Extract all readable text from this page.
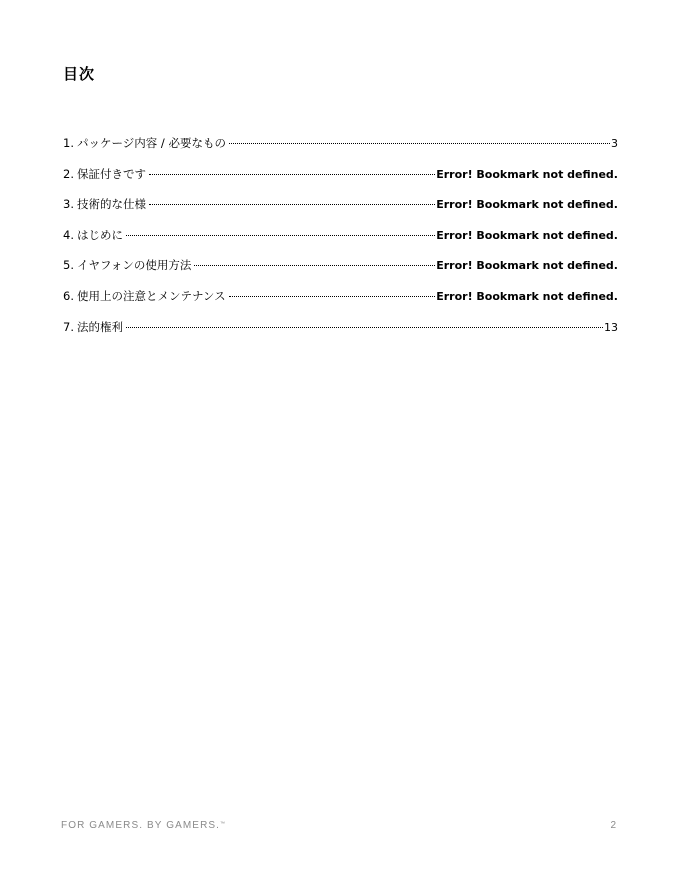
目次
1. パッケージ内容 / 必要なもの	3
2. 保証付きです	Error! Bookmark not defined.
3. 技術的な仕様	Error! Bookmark not defined.
4. はじめに	Error! Bookmark not defined.
5. イヤフォンの使用方法	Error! Bookmark not defined.
6. 使用上の注意とメンテナンス	Error! Bookmark not defined.
7. 法的権利	13

FOR GAMERS. BY GAMERS.™	2
